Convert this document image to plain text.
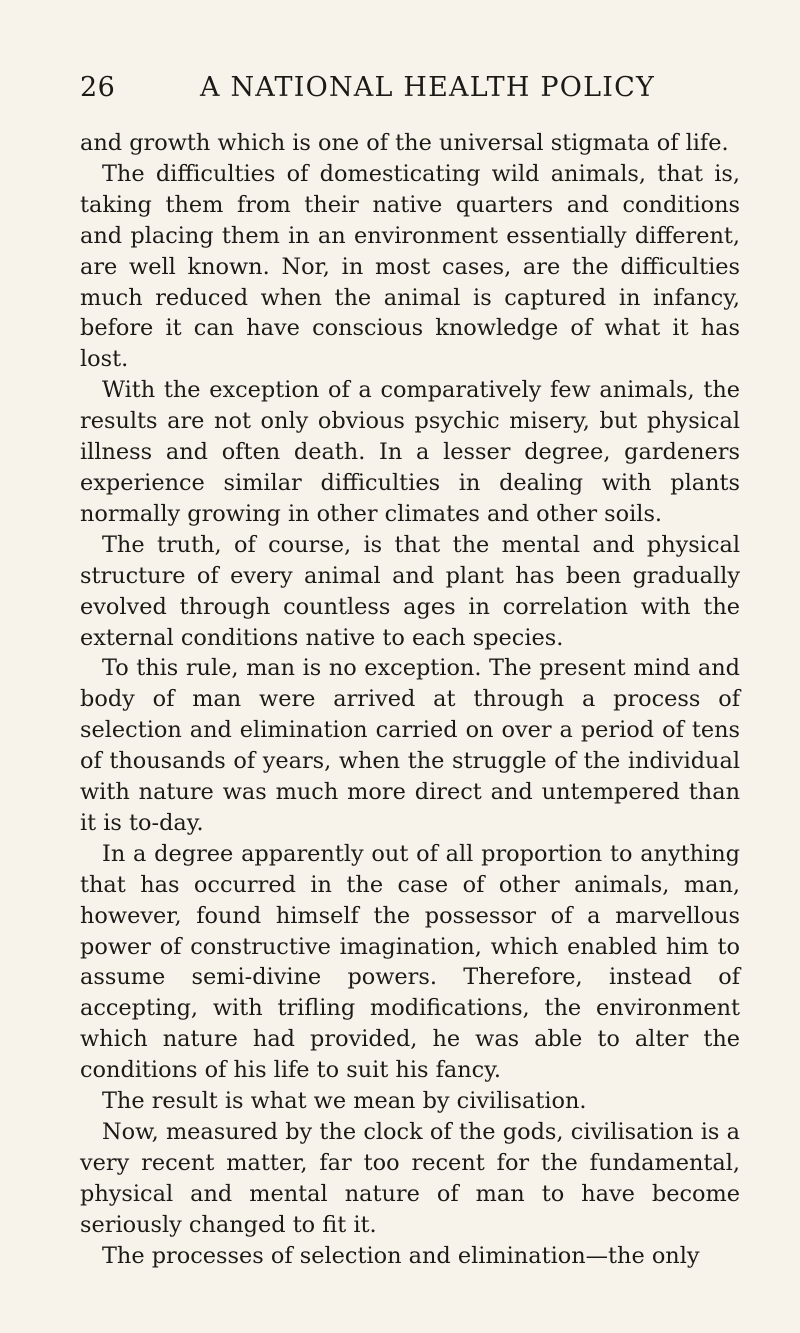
26	A NATIONAL HEALTH POLICY

and growth which is one of the universal stigmata of life.

The difficulties of domesticating wild animals, that is, taking them from their native quarters and conditions and placing them in an environment essentially different, are well known. Nor, in most cases, are the difficulties much reduced when the animal is captured in infancy, before it can have conscious knowledge of what it has lost.

With the exception of a comparatively few animals, the results are not only obvious psychic misery, but physical illness and often death. In a lesser degree, gardeners experience similar difficulties in dealing with plants normally growing in other climates and other soils.

The truth, of course, is that the mental and physical structure of every animal and plant has been gradually evolved through countless ages in correlation with the external conditions native to each species.

To this rule, man is no exception. The present mind and body of man were arrived at through a process of selection and elimination carried on over a period of tens of thousands of years, when the struggle of the individual with nature was much more direct and untempered than it is to-day.

In a degree apparently out of all proportion to anything that has occurred in the case of other animals, man, however, found himself the possessor of a marvellous power of constructive imagination, which enabled him to assume semi-divine powers. Therefore, instead of accepting, with trifling modifications, the environment which nature had provided, he was able to alter the conditions of his life to suit his fancy.

The result is what we mean by civilisation.

Now, measured by the clock of the gods, civilisation is a very recent matter, far too recent for the fundamental, physical and mental nature of man to have become seriously changed to fit it.

The processes of selection and elimination—the only
